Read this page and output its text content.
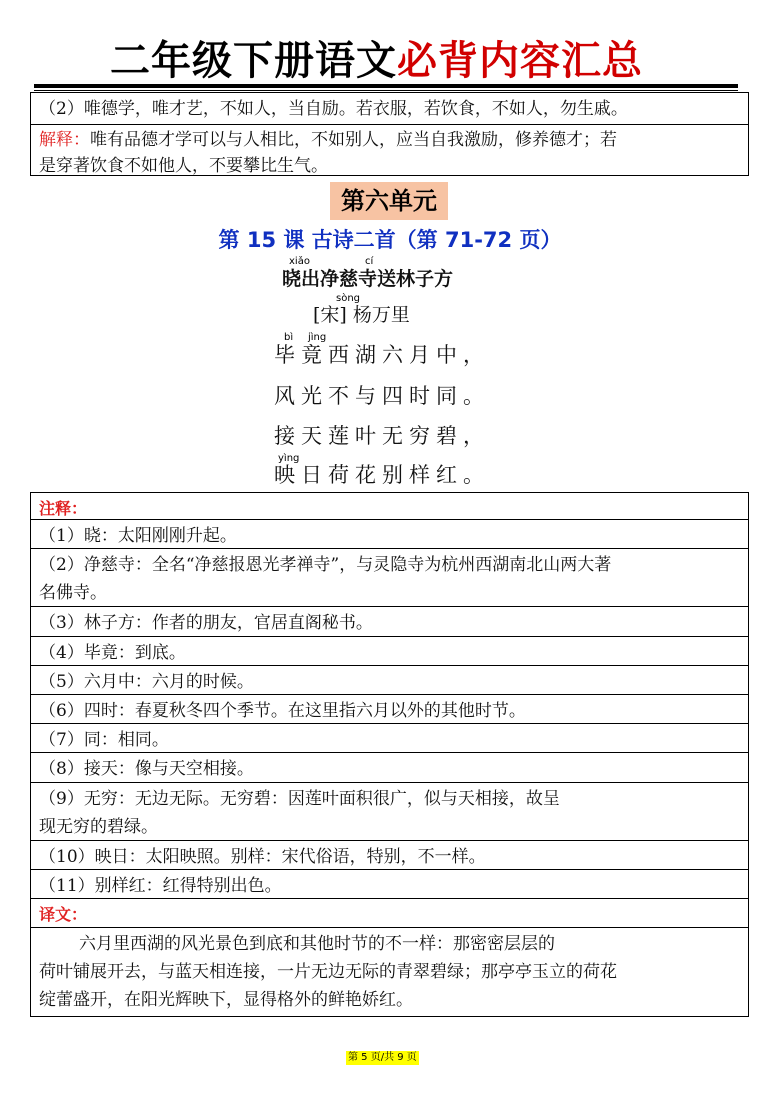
二年级下册语文必背内容汇总
（2）唯德学，唯才艺，不如人，当自励。若衣服，若饮食，不如人，勿生戚。
解释：唯有品德才学可以与人相比，不如别人，应当自我激励，修养德才；若
是穿著饮食不如他人，不要攀比生气。
第六单元
第 15 课 古诗二首（第 71-72 页）
xiǎo	cí
晓出净慈寺送林子方
sòng
[宋] 杨万里
bì jìng
毕竟西湖六月中，
风光不与四时同。
接天莲叶无穷碧，
yìng
映日荷花别样红。
注释：
（1）晓：太阳刚刚升起。
（2）净慈寺：全名“净慈报恩光孝禅寺”，与灵隐寺为杭州西湖南北山两大著
名佛寺。
（3）林子方：作者的朋友，官居直阁秘书。
（4）毕竟：到底。
（5）六月中：六月的时候。
（6）四时：春夏秋冬四个季节。在这里指六月以外的其他时节。
（7）同：相同。
（8）接天：像与天空相接。
（9）无穷：无边无际。无穷碧：因莲叶面积很广，似与天相接，故呈
现无穷的碧绿。
（10）映日：太阳映照。别样：宋代俗语，特别，不一样。
（11）别样红：红得特别出色。
译文：
六月里西湖的风光景色到底和其他时节的不一样：那密密层层的
荷叶铺展开去，与蓝天相连接，一片无边无际的青翠碧绿；那亭亭玉立的荷花
绽蕾盛开，在阳光辉映下，显得格外的鲜艳娇红。
第 5 页/共 9 页
